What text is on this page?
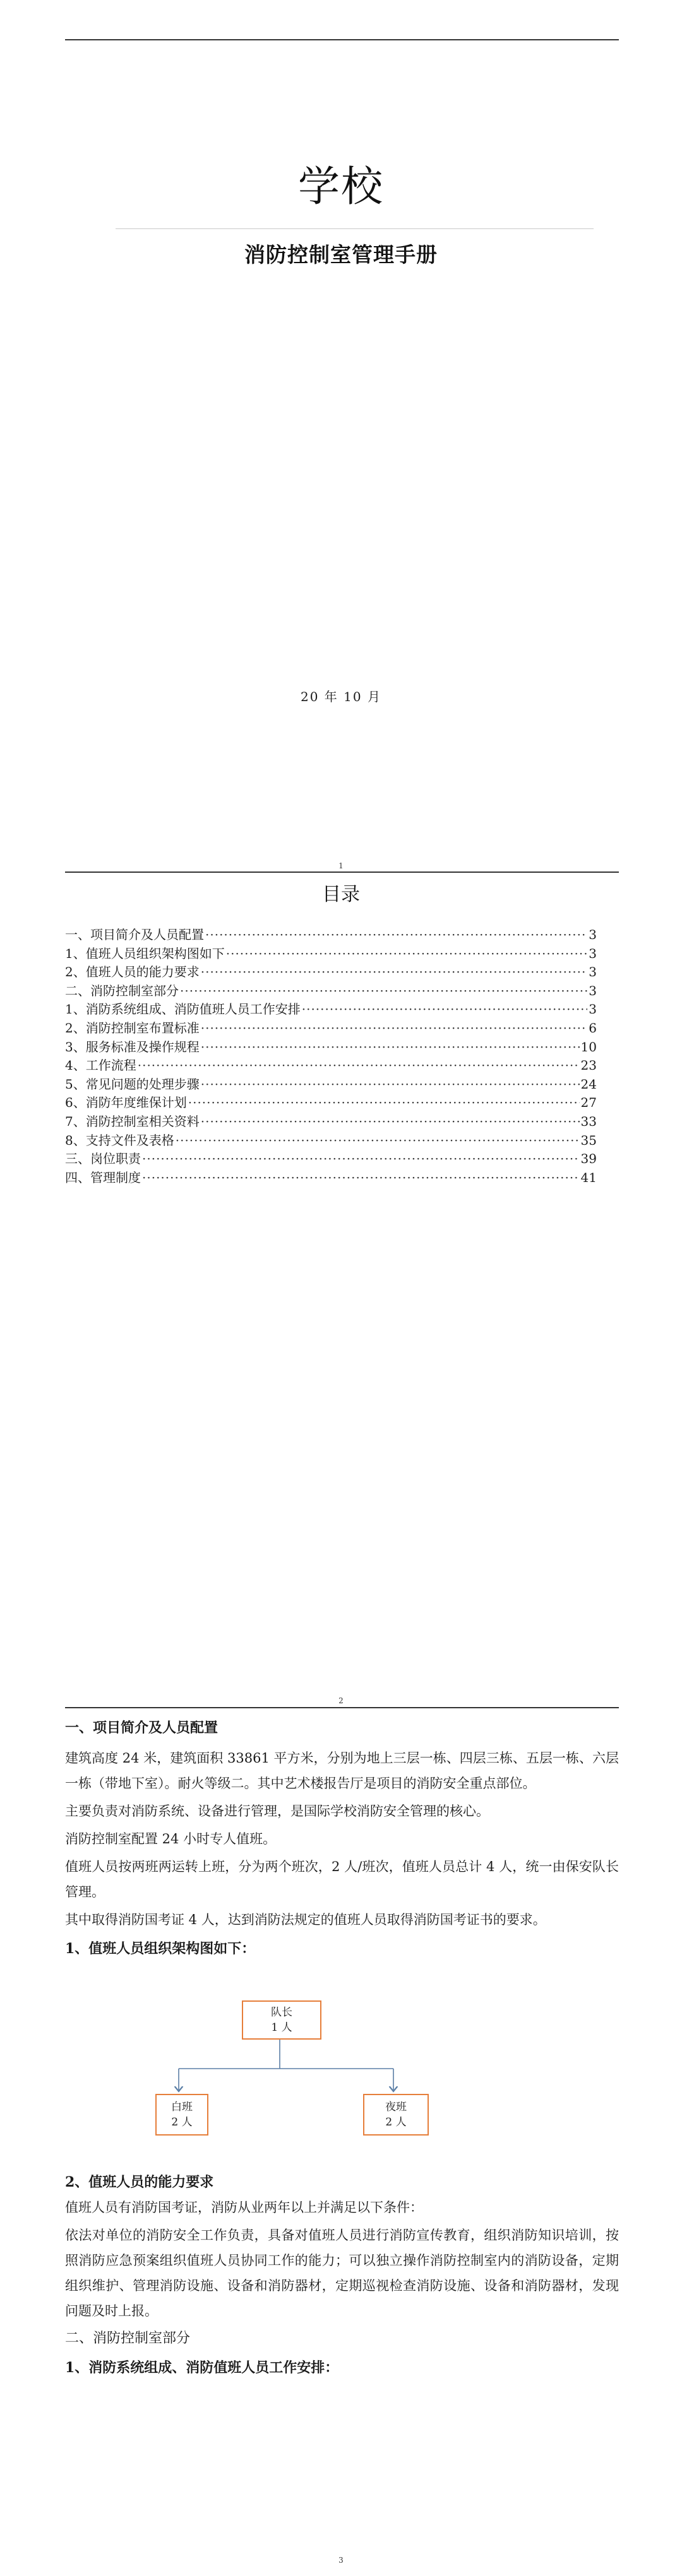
学校
消防控制室管理手册
20 年 10 月
1
目录
一、项目简介及人员配置 ·····	3
1、值班人员组织架构图如下 ·····	3
2、值班人员的能力要求 ·····	3
二、消防控制室部分 ·····	3
1、消防系统组成、消防值班人员工作安排 ·····	3
2、消防控制室布置标准 ·····	6
3、服务标准及操作规程 ·····	10
4、工作流程 ·····	23
5、常见问题的处理步骤 ·····	24
6、消防年度维保计划 ·····	27
7、消防控制室相关资料 ·····	33
8、支持文件及表格 ·····	35
三、岗位职责 ·····	39
四、管理制度 ·····	41
2
一、项目简介及人员配置

建筑高度 24 米，建筑面积 33861 平方米，分别为地上三层一栋、四层三栋、五层一栋、六层一栋（带地下室）。耐火等级二。其中艺术楼报告厅是项目的消防安全重点部位。

主要负责对消防系统、设备进行管理，是国际学校消防安全管理的核心。

消防控制室配置 24 小时专人值班。

值班人员按两班两运转上班，分为两个班次，2 人/班次，值班人员总计 4 人，统一由保安队长管理。

其中取得消防国考证 4 人，达到消防法规定的值班人员取得消防国考证书的要求。

1、值班人员组织架构图如下：
队长
1 人
白班
2 人
夜班
2 人
2、值班人员的能力要求

值班人员有消防国考证，消防从业两年以上并满足以下条件：

依法对单位的消防安全工作负责，具备对值班人员进行消防宣传教育，组织消防知识培训，按照消防应急预案组织值班人员协同工作的能力；可以独立操作消防控制室内的消防设备，定期组织维护、管理消防设施、设备和消防器材，定期巡视检查消防设施、设备和消防器材，发现问题及时上报。

二、消防控制室部分
1、消防系统组成、消防值班人员工作安排：
3
